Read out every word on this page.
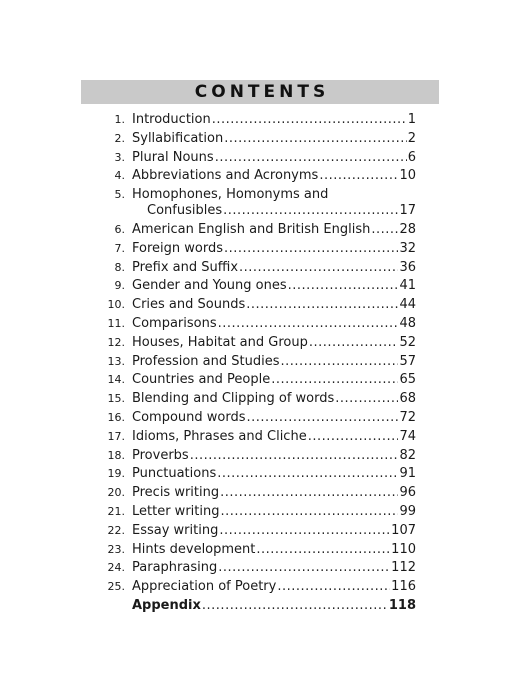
CONTENTS
1. Introduction .....	1
2. Syllabification .....	2
3. Plural Nouns .....	6
4. Abbreviations and Acronyms .....	10
5. Homophones, Homonyms and
Confusibles .....	17
6. American English and British English ..... 28
7. Foreign words .....	32
8. Prefix and Suffix .....	36
9. Gender and Young ones .....	41
10. Cries and Sounds .....	44
11. Comparisons .....	48
12. Houses, Habitat and Group .....	52
13. Profession and Studies .....	57
14. Countries and People .....	65
15. Blending and Clipping of words .....	68
16. Compound words .....	72
17. Idioms, Phrases and Cliche .....	74
18. Proverbs .....	82
19. Punctuations .....	91
20. Precis writing .....	96
21. Letter writing .....	99
22. Essay writing .....	107
23. Hints development .....	110
24. Paraphrasing .....	112
25. Appreciation of Poetry .....	116
Appendix .....	118
